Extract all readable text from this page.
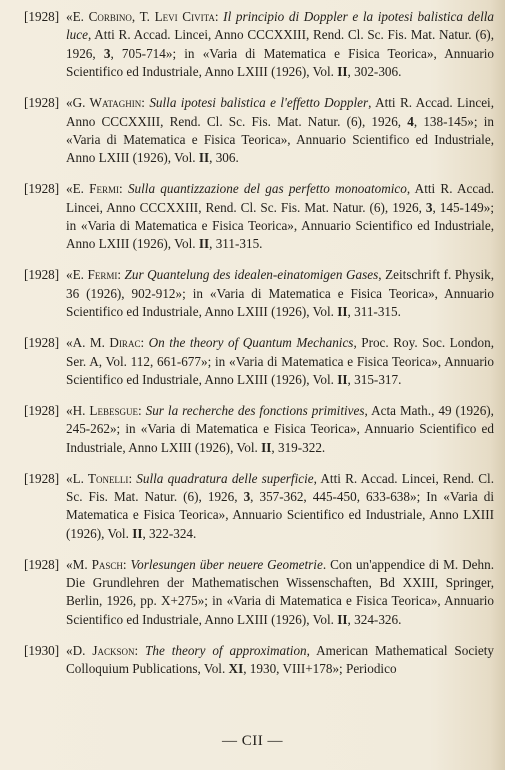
[1928] «E. Corbino, T. Levi Civita: Il principio di Doppler e la ipotesi balistica della luce, Atti R. Accad. Lincei, Anno CCCXXIII, Rend. Cl. Sc. Fis. Mat. Natur. (6), 1926, 3, 705-714»; in «Varia di Matematica e Fisica Teorica», Annuario Scientifico ed Industriale, Anno LXIII (1926), Vol. II, 302-306.
[1928] «G. Wataghin: Sulla ipotesi balistica e l'effetto Doppler, Atti R. Accad. Lincei, Anno CCCXXIII, Rend. Cl. Sc. Fis. Mat. Natur. (6), 1926, 4, 138-145»; in «Varia di Matematica e Fisica Teorica», Annuario Scientifico ed Industriale, Anno LXIII (1926), Vol. II, 306.
[1928] «E. Fermi: Sulla quantizzazione del gas perfetto monoatomico, Atti R. Accad. Lincei, Anno CCCXXIII, Rend. Cl. Sc. Fis. Mat. Natur. (6), 1926, 3, 145-149»; in «Varia di Matematica e Fisica Teorica», Annuario Scientifico ed Industriale, Anno LXIII (1926), Vol. II, 311-315.
[1928] «E. Fermi: Zur Quantelung des idealen-einatomigen Gases, Zeitschrift f. Physik, 36 (1926), 902-912»; in «Varia di Matematica e Fisica Teorica», Annuario Scientifico ed Industriale, Anno LXIII (1926), Vol. II, 311-315.
[1928] «A. M. Dirac: On the theory of Quantum Mechanics, Proc. Roy. Soc. London, Ser. A, Vol. 112, 661-677»; in «Varia di Matematica e Fisica Teorica», Annuario Scientifico ed Industriale, Anno LXIII (1926), Vol. II, 315-317.
[1928] «H. Lebesgue: Sur la recherche des fonctions primitives, Acta Math., 49 (1926), 245-262»; in «Varia di Matematica e Fisica Teorica», Annuario Scientifico ed Industriale, Anno LXIII (1926), Vol. II, 319-322.
[1928] «L. Tonelli: Sulla quadratura delle superficie, Atti R. Accad. Lincei, Rend. Cl. Sc. Fis. Mat. Natur. (6), 1926, 3, 357-362, 445-450, 633-638»; In «Varia di Matematica e Fisica Teorica», Annuario Scientifico ed Industriale, Anno LXIII (1926), Vol. II, 322-324.
[1928] «M. Pasch: Vorlesungen über neuere Geometrie. Con un'appendice di M. Dehn. Die Grundlehren der Mathematischen Wissenschaften, Bd XXIII, Springer, Berlin, 1926, pp. X+275»; in «Varia di Matematica e Fisica Teorica», Annuario Scientifico ed Industriale, Anno LXIII (1926), Vol. II, 324-326.
[1930] «D. Jackson: The theory of approximation, American Mathematical Society Colloquium Publications, Vol. XI, 1930, VIII+178»; Periodico
— CII —
